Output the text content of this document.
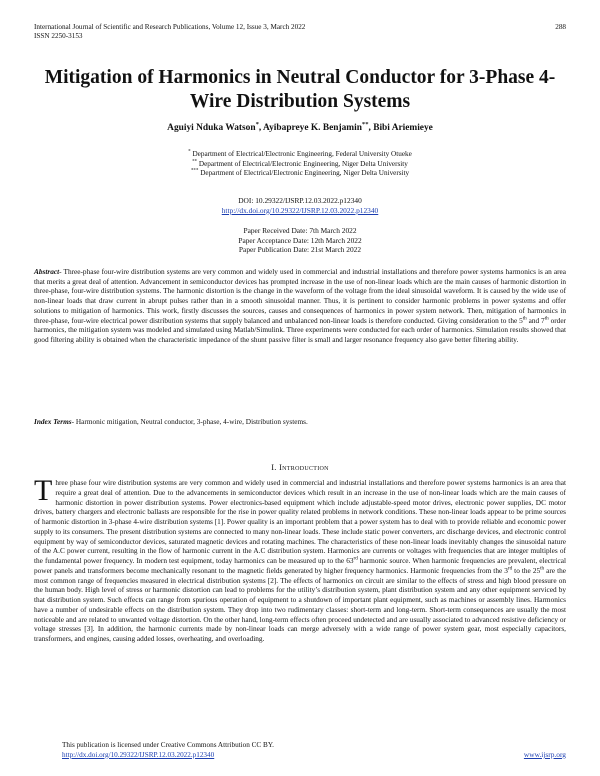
International Journal of Scientific and Research Publications, Volume 12, Issue 3, March 2022
ISSN 2250-3153
288
Mitigation of Harmonics in Neutral Conductor for 3-Phase 4-Wire Distribution Systems
Aguiyi Nduka Watson*, Ayibapreye K. Benjamin**, Bibi Ariemieye
* Department of Electrical/Electronic Engineering, Federal University Otueke
** Department of Electrical/Electronic Engineering, Niger Delta University
*** Department of Electrical/Electronic Engineering, Niger Delta University
DOI: 10.29322/IJSRP.12.03.2022.p12340
http://dx.doi.org/10.29322/IJSRP.12.03.2022.p12340
Paper Received Date: 7th March 2022
Paper Acceptance Date: 12th March 2022
Paper Publication Date: 21st March 2022
Abstract- Three-phase four-wire distribution systems are very common and widely used in commercial and industrial installations and therefore power systems harmonics is an area that merits a great deal of attention. Advancement in semiconductor devices has prompted increase in the use of non-linear loads which are the main causes of harmonic distortion in three-phase, four-wire distribution systems. The harmonic distortion is the change in the waveform of the voltage from the ideal sinusoidal waveform. It is caused by the wide use of non-linear loads that draw current in abrupt pulses rather than in a smooth sinusoidal manner. Thus, it is pertinent to consider harmonic problems in power systems and offer solutions to mitigation of harmonics. This work, firstly discusses the sources, causes and consequences of harmonics in power system network. Then, mitigation of harmonics in three-phase, four-wire electrical power distribution systems that supply balanced and unbalanced non-linear loads is therefore conducted. Giving consideration to the 5th and 7th order harmonics, the mitigation system was modeled and simulated using Matlab/Simulink. Three experiments were conducted for each order of harmonics. Simulation results showed that good filtering ability is obtained when the characteristic impedance of the shunt passive filter is small and larger resonance frequency also gave better filtering ability.
Index Terms- Harmonic mitigation, Neutral conductor, 3-phase, 4-wire, Distribution systems.
I. Introduction
Three phase four wire distribution systems are very common and widely used in commercial and industrial installations and therefore power systems harmonics is an area that require a great deal of attention. Due to the advancements in semiconductor devices which result in an increase in the use of non-linear loads which are the main causes of harmonic distortion in power distribution systems. Power electronics-based equipment which include adjustable-speed motor drives, electronic power supplies, DC motor drives, battery chargers and electronic ballasts are responsible for the rise in power quality related problems in network conditions. These non-linear loads appear to be prime sources of harmonic distortion in 3-phase 4-wire distribution systems [1]. Power quality is an important problem that a power system has to deal with to provide reliable and economic power supply to its consumers. The present distribution systems are connected to many non-linear loads. These include static power converters, arc discharge devices, and electronic control equipment by way of semiconductor devices, saturated magnetic devices and rotating machines. The characteristics of these non-linear loads inevitably changes the sinusoidal nature of the A.C power current, resulting in the flow of harmonic current in the A.C distribution system. Harmonics are currents or voltages with frequencies that are integer multiples of the fundamental power frequency. In modern test equipment, today harmonics can be measured up to the 63rd harmonic source. When harmonic frequencies are prevalent, electrical power panels and transformers become mechanically resonant to the magnetic fields generated by higher frequency harmonics. Harmonic frequencies from the 3rd to the 25th are the most common range of frequencies measured in electrical distribution systems [2]. The effects of harmonics on circuit are similar to the effects of stress and high blood pressure on the human body. High level of stress or harmonic distortion can lead to problems for the utility’s distribution system, plant distribution system and any other equipment serviced by that distribution system. Such effects can range from spurious operation of equipment to a shutdown of important plant equipment, such as machines or assembly lines. Harmonics have a number of undesirable effects on the distribution system. They drop into two rudimentary classes: short-term and long-term. Short-term consequences are usually the most noticeable and are related to unwanted voltage distortion. On the other hand, long-term effects often proceed undetected and are usually associated to advanced resistive deficiency or voltage stresses [3]. In addition, the harmonic currents made by non-linear loads can merge adversely with a wide range of power system gear, most especially capacitors, transformers, and engines, causing added losses, overheating, and overloading.
This publication is licensed under Creative Commons Attribution CC BY.
http://dx.doi.org/10.29322/IJSRP.12.03.2022.p12340	www.ijsrp.org
